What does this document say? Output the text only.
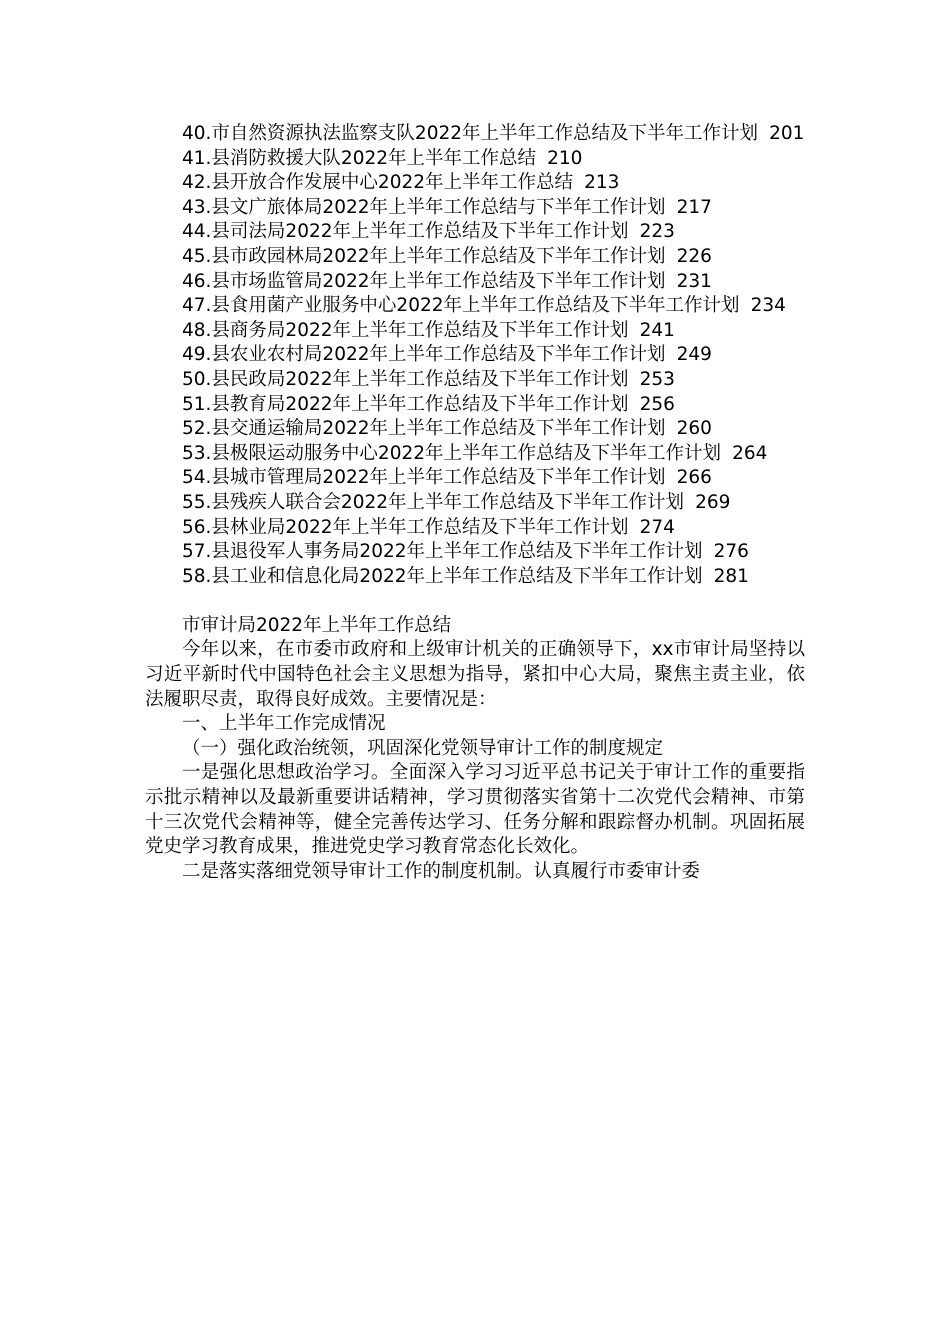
40.市自然资源执法监察支队2022年上半年工作总结及下半年工作计划 201

41.县消防救援大队2022年上半年工作总结 210

42.县开放合作发展中心2022年上半年工作总结 213

43.县文广旅体局2022年上半年工作总结与下半年工作计划 217

44.县司法局2022年上半年工作总结及下半年工作计划 223

45.县市政园林局2022年上半年工作总结及下半年工作计划 226

46.县市场监管局2022年上半年工作总结及下半年工作计划 231

47.县食用菌产业服务中心2022年上半年工作总结及下半年工作计划 234

48.县商务局2022年上半年工作总结及下半年工作计划 241

49.县农业农村局2022年上半年工作总结及下半年工作计划 249

50.县民政局2022年上半年工作总结及下半年工作计划 253

51.县教育局2022年上半年工作总结及下半年工作计划 256

52.县交通运输局2022年上半年工作总结及下半年工作计划 260

53.县极限运动服务中心2022年上半年工作总结及下半年工作计划 264

54.县城市管理局2022年上半年工作总结及下半年工作计划 266

55.县残疾人联合会2022年上半年工作总结及下半年工作计划 269

56.县林业局2022年上半年工作总结及下半年工作计划 274

57.县退役军人事务局2022年上半年工作总结及下半年工作计划 276

58.县工业和信息化局2022年上半年工作总结及下半年工作计划 281

市审计局2022年上半年工作总结

今年以来，在市委市政府和上级审计机关的正确领导下，xx市审计局坚持以习近平新时代中国特色社会主义思想为指导，紧扣中心大局，聚焦主责主业，依法履职尽责，取得良好成效。主要情况是：

一、上半年工作完成情况

（一）强化政治统领，巩固深化党领导审计工作的制度规定

一是强化思想政治学习。全面深入学习习近平总书记关于审计工作的重要指示批示精神以及最新重要讲话精神，学习贯彻落实省第十二次党代会精神、市第十三次党代会精神等，健全完善传达学习、任务分解和跟踪督办机制。巩固拓展党史学习教育成果，推进党史学习教育常态化长效化。

二是落实落细党领导审计工作的制度机制。认真履行市委审计委
